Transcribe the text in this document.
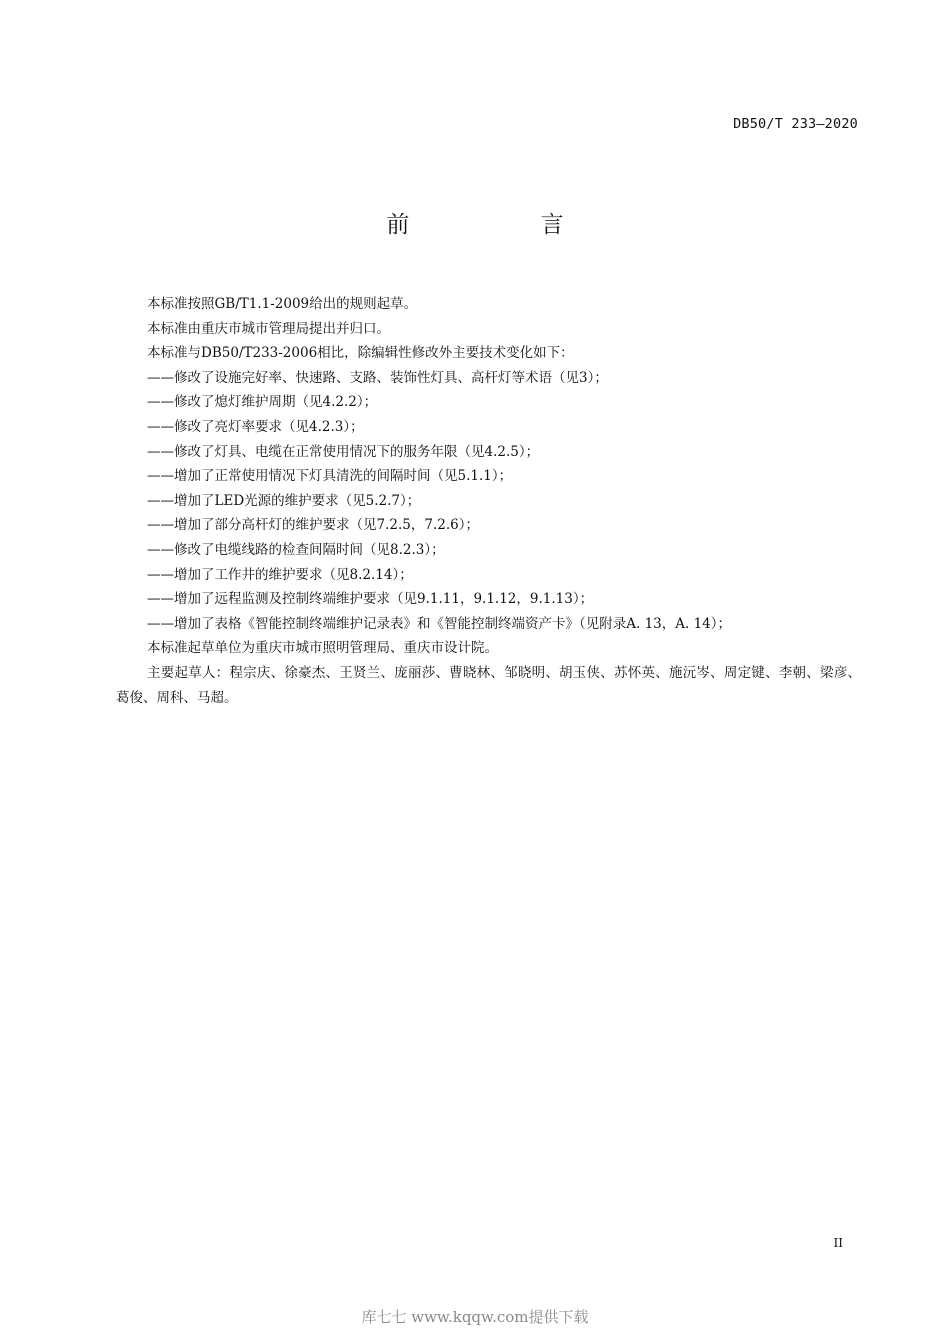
DB50/T 233—2020
前 言

本标准按照GB/T1.1-2009给出的规则起草。

本标准由重庆市城市管理局提出并归口。

本标准与DB50/T233-2006相比，除编辑性修改外主要技术变化如下：

——修改了设施完好率、快速路、支路、装饰性灯具、高杆灯等术语（见3）；

——修改了熄灯维护周期（见4.2.2）；

——修改了亮灯率要求（见4.2.3）；

——修改了灯具、电缆在正常使用情况下的服务年限（见4.2.5）；

——增加了正常使用情况下灯具清洗的间隔时间（见5.1.1）；

——增加了LED光源的维护要求（见5.2.7）；

——增加了部分高杆灯的维护要求（见7.2.5，7.2.6）；

——修改了电缆线路的检查间隔时间（见8.2.3）；

——增加了工作井的维护要求（见8.2.14）；

——增加了远程监测及控制终端维护要求（见9.1.11，9.1.12，9.1.13）；

——增加了表格《智能控制终端维护记录表》和《智能控制终端资产卡》（见附录A. 13，A. 14）；

本标准起草单位为重庆市城市照明管理局、重庆市设计院。

主要起草人：程宗庆、徐豪杰、王贤兰、庞丽莎、曹晓林、邹晓明、胡玉侠、苏怀英、施沅岑、周定键、李朝、梁彦、葛俊、周科、马超。

II
库七七 www.kqqw.com提供下载
